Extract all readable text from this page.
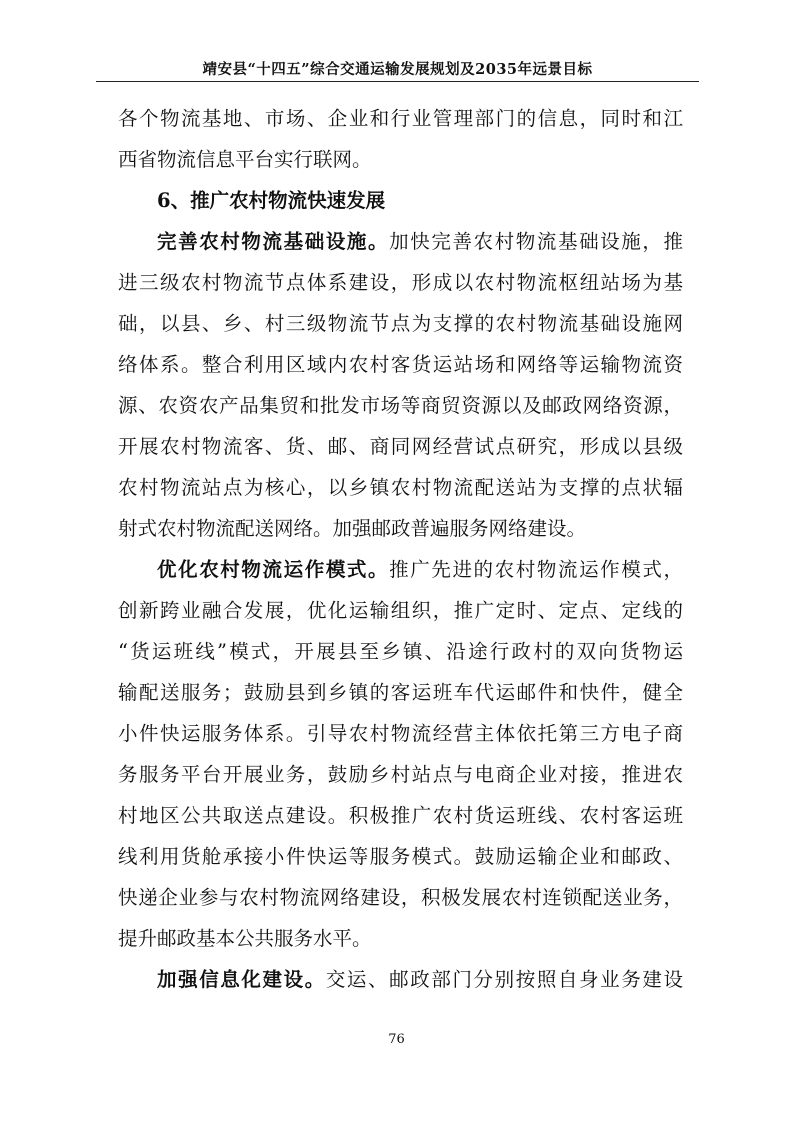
靖安县“十四五”综合交通运输发展规划及2035年远景目标
各个物流基地、市场、企业和行业管理部门的信息，同时和江
西省物流信息平台实行联网。
6、推广农村物流快速发展
完善农村物流基础设施。加快完善农村物流基础设施，推
进三级农村物流节点体系建设，形成以农村物流枢纽站场为基
础，以县、乡、村三级物流节点为支撑的农村物流基础设施网
络体系。整合利用区域内农村客货运站场和网络等运输物流资
源、农资农产品集贸和批发市场等商贸资源以及邮政网络资源，
开展农村物流客、货、邮、商同网经营试点研究，形成以县级
农村物流站点为核心，以乡镇农村物流配送站为支撑的点状辐
射式农村物流配送网络。加强邮政普遍服务网络建设。
优化农村物流运作模式。推广先进的农村物流运作模式，
创新跨业融合发展，优化运输组织，推广定时、定点、定线的
“货运班线”模式，开展县至乡镇、沿途行政村的双向货物运
输配送服务；鼓励县到乡镇的客运班车代运邮件和快件，健全
小件快运服务体系。引导农村物流经营主体依托第三方电子商
务服务平台开展业务，鼓励乡村站点与电商企业对接，推进农
村地区公共取送点建设。积极推广农村货运班线、农村客运班
线利用货舱承接小件快运等服务模式。鼓励运输企业和邮政、
快递企业参与农村物流网络建设，积极发展农村连锁配送业务，
提升邮政基本公共服务水平。
加强信息化建设。交运、邮政部门分别按照自身业务建设
76
